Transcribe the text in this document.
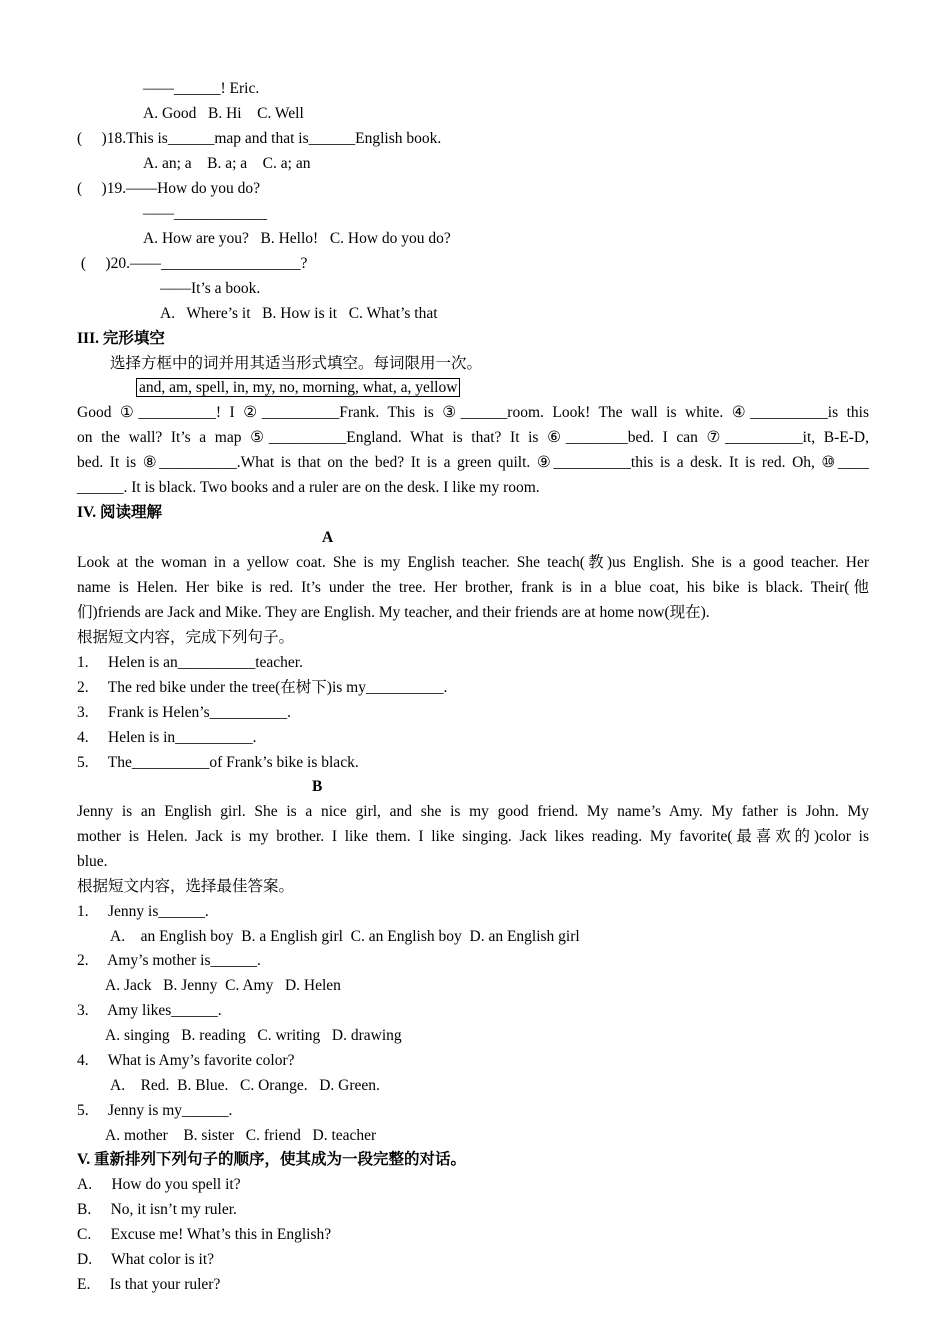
——______! Eric.
A. Good   B. Hi    C. Well
(     )18.This is______map and that is______English book.
A. an; a    B. a; a    C. a; an
(     )19.——How do you do?
——____________
A. How are you?   B. Hello!   C. How do you do?
(     )20.——__________________?
——It’s a book.
A.   Where’s it   B. How is it   C. What’s that
III. 完形填空
选择方框中的词并用其适当形式填空。每词限用一次。
and, am, spell, in, my, no, morning, what, a, yellow
Good ①__________! I ②__________Frank. This is ③______room. Look! The wall is white. ④__________is this
on the wall? It’s a map ⑤__________England. What is that? It is ⑥________bed. I can ⑦__________it, B-E-D,
bed. It is ⑧__________.What is that on the bed? It is a green quilt. ⑨__________this is a desk. It is red. Oh, ⑩____
______. It is black. Two books and a ruler are on the desk. I like my room.
IV. 阅读理解
A
Look at the woman in a yellow coat. She is my English teacher. She teach(教)us English. She is a good teacher. Her
name is Helen. Her bike is red. It’s under the tree. Her brother, frank is in a blue coat, his bike is black. Their(他
们)friends are Jack and Mike. They are English. My teacher, and their friends are at home now(现在).
根据短文内容，完成下列句子。
1.     Helen is an__________teacher.
2.     The red bike under the tree(在树下)is my__________.
3.     Frank is Helen’s__________.
4.     Helen is in__________.
5.     The__________of Frank’s bike is black.
B
Jenny is an English girl. She is a nice girl, and she is my good friend. My name’s Amy. My father is John. My
mother is Helen. Jack is my brother. I like them. I like singing. Jack likes reading. My favorite(最喜欢的)color is
blue.
根据短文内容，选择最佳答案。
1.     Jenny is______.
A.    an English boy  B. a English girl  C. an English boy  D. an English girl
2.     Amy’s mother is______.
A. Jack   B. Jenny  C. Amy   D. Helen
3.     Amy likes______.
A. singing   B. reading   C. writing   D. drawing
4.     What is Amy’s favorite color?
A.    Red.  B. Blue.   C. Orange.   D. Green.
5.     Jenny is my______.
A. mother    B. sister   C. friend   D. teacher
V. 重新排列下列句子的顺序，使其成为一段完整的对话。
A.     How do you spell it?
B.     No, it isn’t my ruler.
C.     Excuse me! What’s this in English?
D.     What color is it?
E.     Is that your ruler?
